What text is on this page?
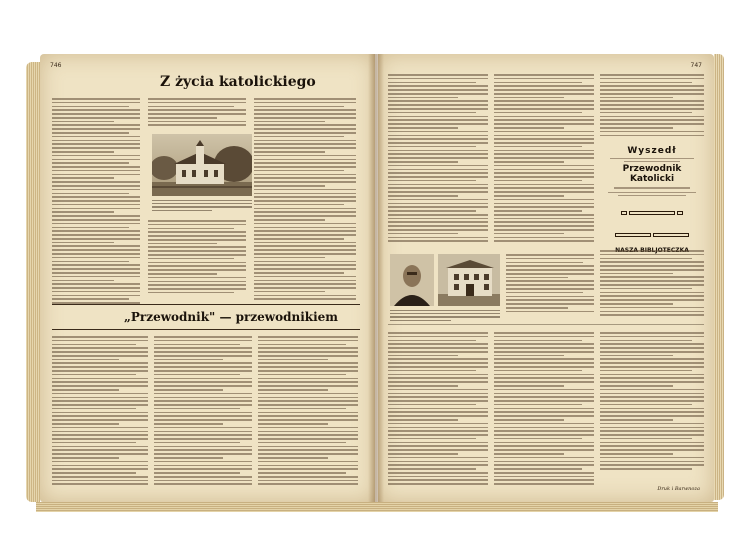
746
Z życia katolickiego
„Przewodnik" — przewodnikiem
747
Wyszedł
Przewodnik Katolicki
Druk i Barwnoza
